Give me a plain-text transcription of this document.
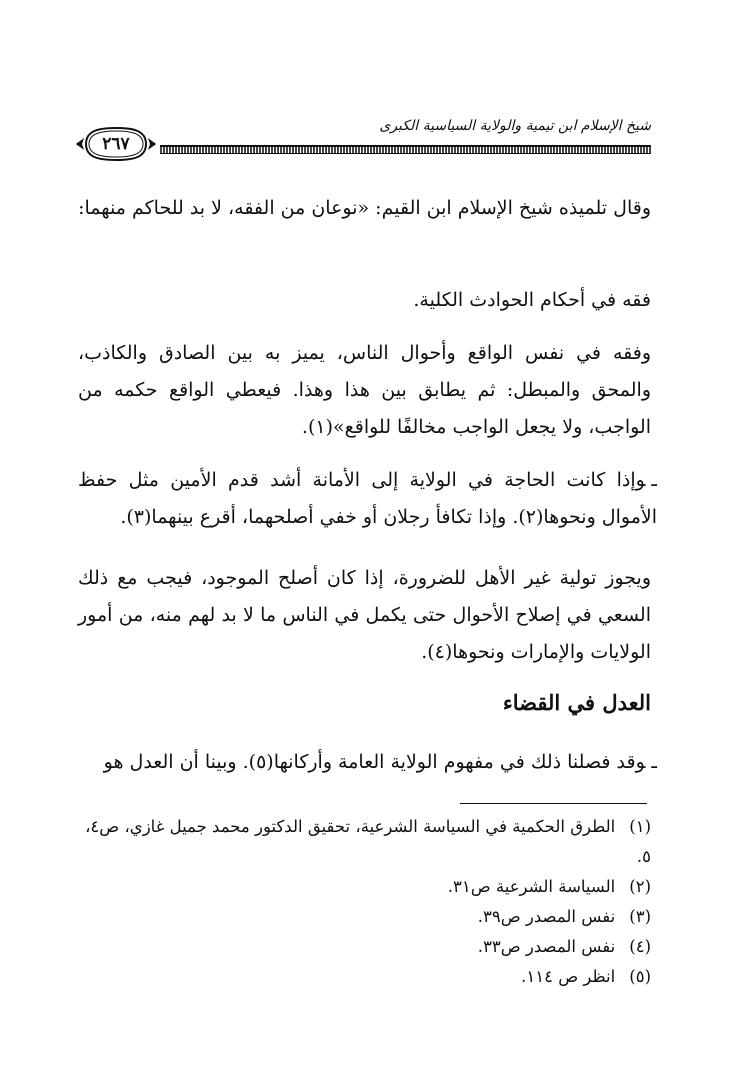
شيخ الإسلام ابن تيمية والولاية السياسية الكبرى
٢٦٧
وقال تلميذه شيخ الإسلام ابن القيم: «نوعان من الفقه، لا بد للحاكم منهما:
فقه في أحكام الحوادث الكلية.
وفقه في نفس الواقع وأحوال الناس، يميز به بين الصادق والكاذب، والمحق والمبطل: ثم يطابق بين هذا وهذا. فيعطي الواقع حكمه من الواجب، ولا يجعل الواجب مخالفًا للواقع»(١).
ـوإذا كانت الحاجة في الولاية إلى الأمانة أشد قدم الأمين مثل حفظ الأموال ونحوها(٢). وإذا تكافأ رجلان أو خفي أصلحهما، أقرع بينهما(٣).
ويجوز تولية غير الأهل للضرورة، إذا كان أصلح الموجود، فيجب مع ذلك السعي في إصلاح الأحوال حتى يكمل في الناس ما لا بد لهم منه، من أمور الولايات والإمارات ونحوها(٤).
العدل في القضاء
ـوقد فصلنا ذلك في مفهوم الولاية العامة وأركانها(٥). وبينا أن العدل هو
(١)الطرق الحكمية في السياسة الشرعية، تحقيق الدكتور محمد جميل غازي، ص٤، ٥.
(٢)السياسة الشرعية ص٣١.
(٣)نفس المصدر ص٣٩.
(٤)نفس المصدر ص٣٣.
(٥)انظر ص ١١٤.
